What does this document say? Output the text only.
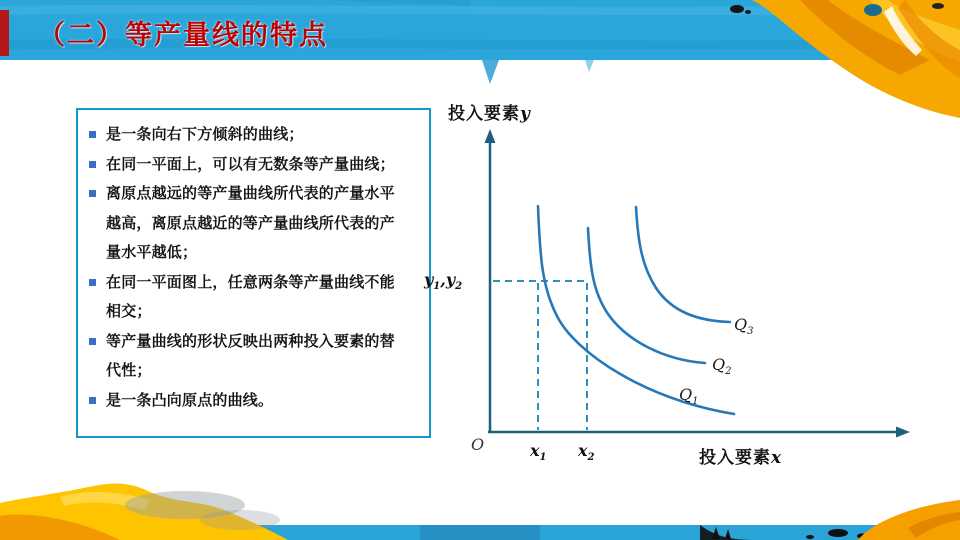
（二）等产量线的特点
是一条向右下方倾斜的曲线；
在同一平面上，可以有无数条等产量曲线；
离原点越远的等产量曲线所代表的产量水平
越高，离原点越近的等产量曲线所代表的产
量水平越低；
在同一平面图上，任意两条等产量曲线不能
相交；
等产量曲线的形状反映出两种投入要素的替
代性；
是一条凸向原点的曲线。
投入要素y
$y_1,y_2$
O	$x_1$ $x_2$	投入要素x
$Q_1$
$Q_2$
$Q_3$
